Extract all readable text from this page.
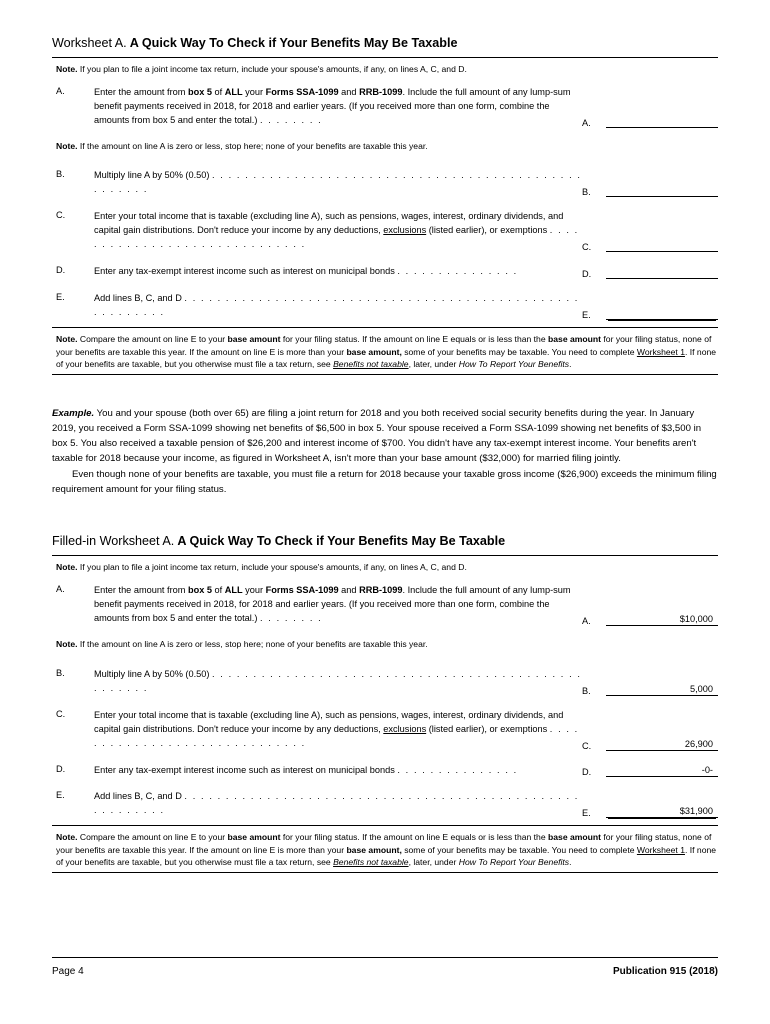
Worksheet A. A Quick Way To Check if Your Benefits May Be Taxable
Note. If you plan to file a joint income tax return, include your spouse's amounts, if any, on lines A, C, and D.

A.	Enter the amount from box 5 of ALL your Forms SSA-1099 and RRB-1099. Include the full amount of any lump-sum benefit payments received in 2018, for 2018 and earlier years. (If you received more than one form, combine the amounts from box 5 and enter the total.) . . . . . . . .	A.	

Note. If the amount on line A is zero or less, stop here; none of your benefits are taxable this year.

B.	Multiply line A by 50% (0.50) . . . . . . . . . . . . . . . . . . . . . . . . . . . . . . . . . . . . . . . . . . . . . . . . . . . .	B.	

C.	Enter your total income that is taxable (excluding line A), such as pensions, wages, interest, ordinary dividends, and capital gain distributions. Don't reduce your income by any deductions, exclusions (listed earlier), or exemptions . . . . . . . . . . . . . . . . . . . . . . . . . . . . . .	C.	

D.	Enter any tax-exempt interest income such as interest on municipal bonds . . . . . . . . . . . . . . .	D.	

E.	Add lines B, C, and D . . . . . . . . . . . . . . . . . . . . . . . . . . . . . . . . . . . . . . . . . . . . . . . . . . . . . . . . .	E.	

Note. Compare the amount on line E to your base amount for your filing status. If the amount on line E equals or is less than the base amount for your filing status, none of your benefits are taxable this year. If the amount on line E is more than your base amount, some of your benefits may be taxable. You need to complete Worksheet 1. If none of your benefits are taxable, but you otherwise must file a tax return, see Benefits not taxable, later, under How To Report Your Benefits.

Example. You and your spouse (both over 65) are filing a joint return for 2018 and you both received social security benefits during the year. In January 2019, you received a Form SSA-1099 showing net benefits of $6,500 in box 5. Your spouse received a Form SSA-1099 showing net benefits of $3,500 in box 5. You also received a taxable pension of $26,200 and interest income of $700. You didn't have any tax-exempt interest income. Your benefits aren't taxable for 2018 because your income, as figured in Worksheet A, isn't more than your base amount ($32,000) for married filing jointly.

Even though none of your benefits are taxable, you must file a return for 2018 because your taxable gross income ($26,900) exceeds the minimum filing requirement amount for your filing status.

Filled-in Worksheet A. A Quick Way To Check if Your Benefits May Be Taxable
Note. If you plan to file a joint income tax return, include your spouse's amounts, if any, on lines A, C, and D.

A.	Enter the amount from box 5 of ALL your Forms SSA-1099 and RRB-1099. Include the full amount of any lump-sum benefit payments received in 2018, for 2018 and earlier years. (If you received more than one form, combine the amounts from box 5 and enter the total.) . . . . . . . .	A.	$10,000

Note. If the amount on line A is zero or less, stop here; none of your benefits are taxable this year.

B.	Multiply line A by 50% (0.50) . . . . . . . . . . . . . . . . . . . . . . . . . . . . . . . . . . . . . . . . . . . . . . . . . . . .	B.	5,000

C.	Enter your total income that is taxable (excluding line A), such as pensions, wages, interest, ordinary dividends, and capital gain distributions. Don't reduce your income by any deductions, exclusions (listed earlier), or exemptions . . . . . . . . . . . . . . . . . . . . . . . . . . . . . .	C.	26,900

D.	Enter any tax-exempt interest income such as interest on municipal bonds . . . . . . . . . . . . . . .	D.	-0-

E.	Add lines B, C, and D . . . . . . . . . . . . . . . . . . . . . . . . . . . . . . . . . . . . . . . . . . . . . . . . . . . . . . . . .	E.	$31,900

Note. Compare the amount on line E to your base amount for your filing status. If the amount on line E equals or is less than the base amount for your filing status, none of your benefits are taxable this year. If the amount on line E is more than your base amount, some of your benefits may be taxable. You need to complete Worksheet 1. If none of your benefits are taxable, but you otherwise must file a tax return, see Benefits not taxable, later, under How To Report Your Benefits.
Page 4	Publication 915 (2018)
